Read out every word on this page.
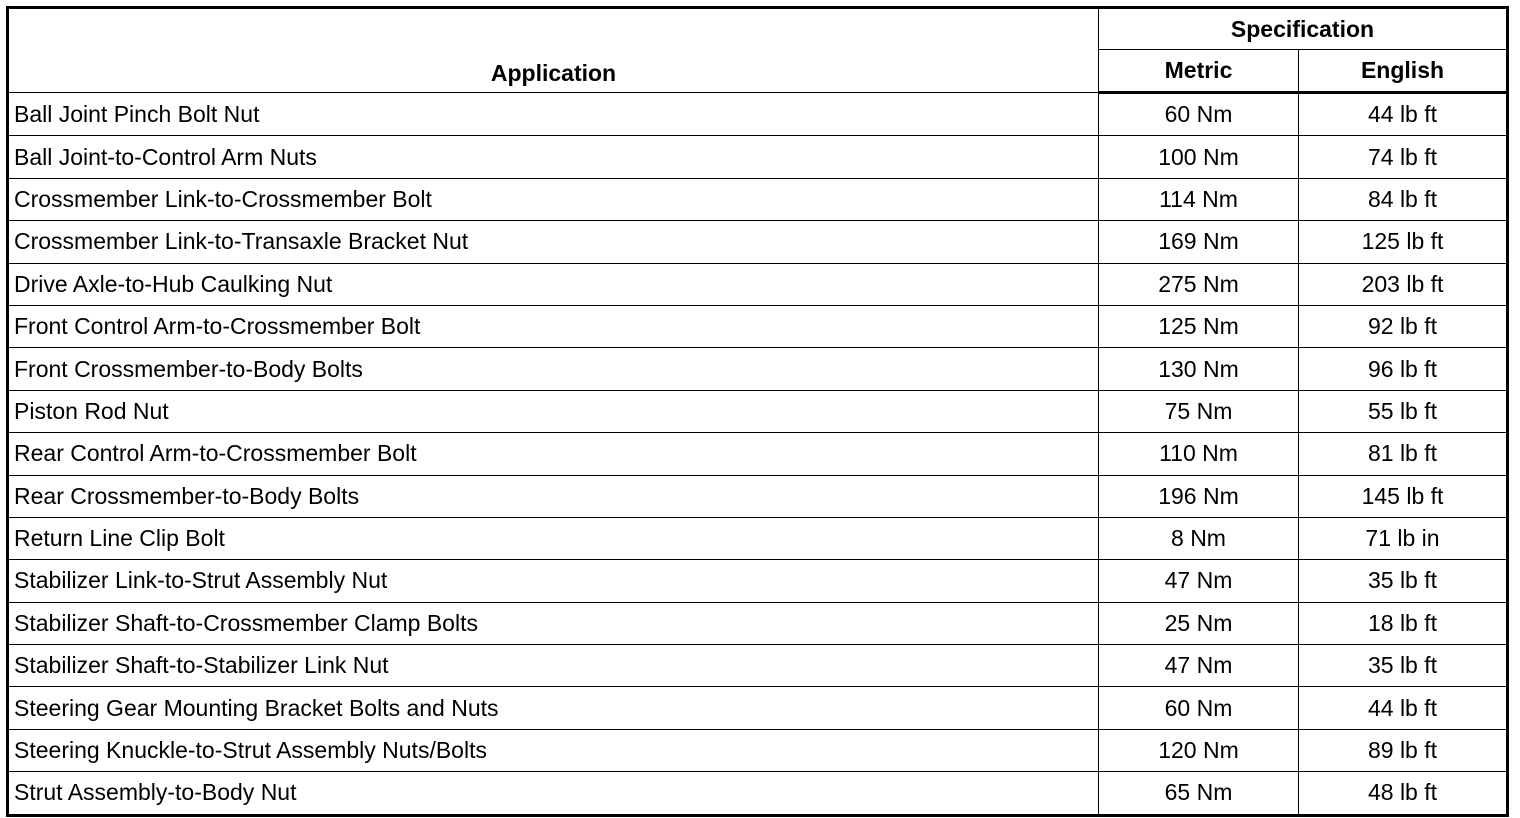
Application	Specification	
	Metric	English
Ball Joint Pinch Bolt Nut	60 Nm	44 lb ft
Ball Joint-to-Control Arm Nuts	100 Nm	74 lb ft
Crossmember Link-to-Crossmember Bolt	114 Nm	84 lb ft
Crossmember Link-to-Transaxle Bracket Nut	169 Nm	125 lb ft
Drive Axle-to-Hub Caulking Nut	275 Nm	203 lb ft
Front Control Arm-to-Crossmember Bolt	125 Nm	92 lb ft
Front Crossmember-to-Body Bolts	130 Nm	96 lb ft
Piston Rod Nut	75 Nm	55 lb ft
Rear Control Arm-to-Crossmember Bolt	110 Nm	81 lb ft
Rear Crossmember-to-Body Bolts	196 Nm	145 lb ft
Return Line Clip Bolt	8 Nm	71 lb in
Stabilizer Link-to-Strut Assembly Nut	47 Nm	35 lb ft
Stabilizer Shaft-to-Crossmember Clamp Bolts	25 Nm	18 lb ft
Stabilizer Shaft-to-Stabilizer Link Nut	47 Nm	35 lb ft
Steering Gear Mounting Bracket Bolts and Nuts	60 Nm	44 lb ft
Steering Knuckle-to-Strut Assembly Nuts/Bolts	120 Nm	89 lb ft
Strut Assembly-to-Body Nut	65 Nm	48 lb ft
